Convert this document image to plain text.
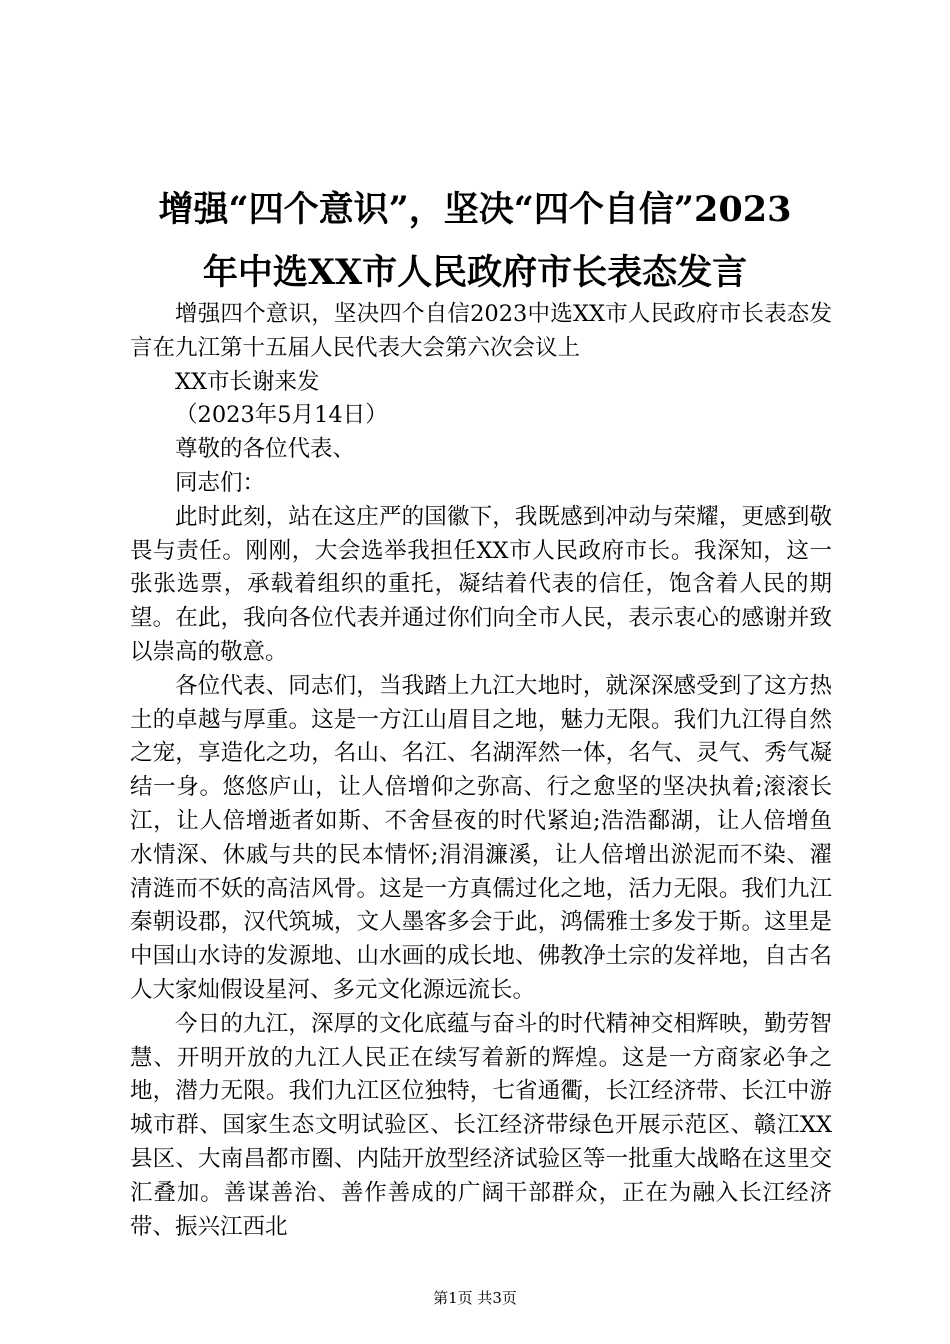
增强“四个意识”，坚决“四个自信”2023
年中选XX市人民政府市长表态发言

增强四个意识，坚决四个自信2023中选XX市人民政府市长表态发言在九江第十五届人民代表大会第六次会议上

XX市长谢来发

（2023年5月14日）

尊敬的各位代表、

同志们：

此时此刻，站在这庄严的国徽下，我既感到冲动与荣耀，更感到敬畏与责任。刚刚，大会选举我担任XX市人民政府市长。我深知，这一张张选票，承载着组织的重托，凝结着代表的信任，饱含着人民的期望。在此，我向各位代表并通过你们向全市人民，表示衷心的感谢并致以崇高的敬意。

各位代表、同志们，当我踏上九江大地时，就深深感受到了这方热土的卓越与厚重。这是一方江山眉目之地，魅力无限。我们九江得自然之宠，享造化之功，名山、名江、名湖浑然一体，名气、灵气、秀气凝结一身。悠悠庐山，让人倍增仰之弥高、行之愈坚的坚决执着;滚滚长江，让人倍增逝者如斯、不舍昼夜的时代紧迫;浩浩鄱湖，让人倍增鱼水情深、休戚与共的民本情怀;涓涓濂溪，让人倍增出淤泥而不染、濯清涟而不妖的高洁风骨。这是一方真儒过化之地，活力无限。我们九江秦朝设郡，汉代筑城，文人墨客多会于此，鸿儒雅士多发于斯。这里是中国山水诗的发源地、山水画的成长地、佛教净土宗的发祥地，自古名人大家灿假设星河、多元文化源远流长。

今日的九江，深厚的文化底蕴与奋斗的时代精神交相辉映，勤劳智慧、开明开放的九江人民正在续写着新的辉煌。这是一方商家必争之地，潜力无限。我们九江区位独特，七省通衢，长江经济带、长江中游城市群、国家生态文明试验区、长江经济带绿色开展示范区、赣江XX县区、大南昌都市圈、内陆开放型经济试验区等一批重大战略在这里交汇叠加。善谋善治、善作善成的广阔干部群众，正在为融入长江经济带、振兴江西北

第1页 共3页
